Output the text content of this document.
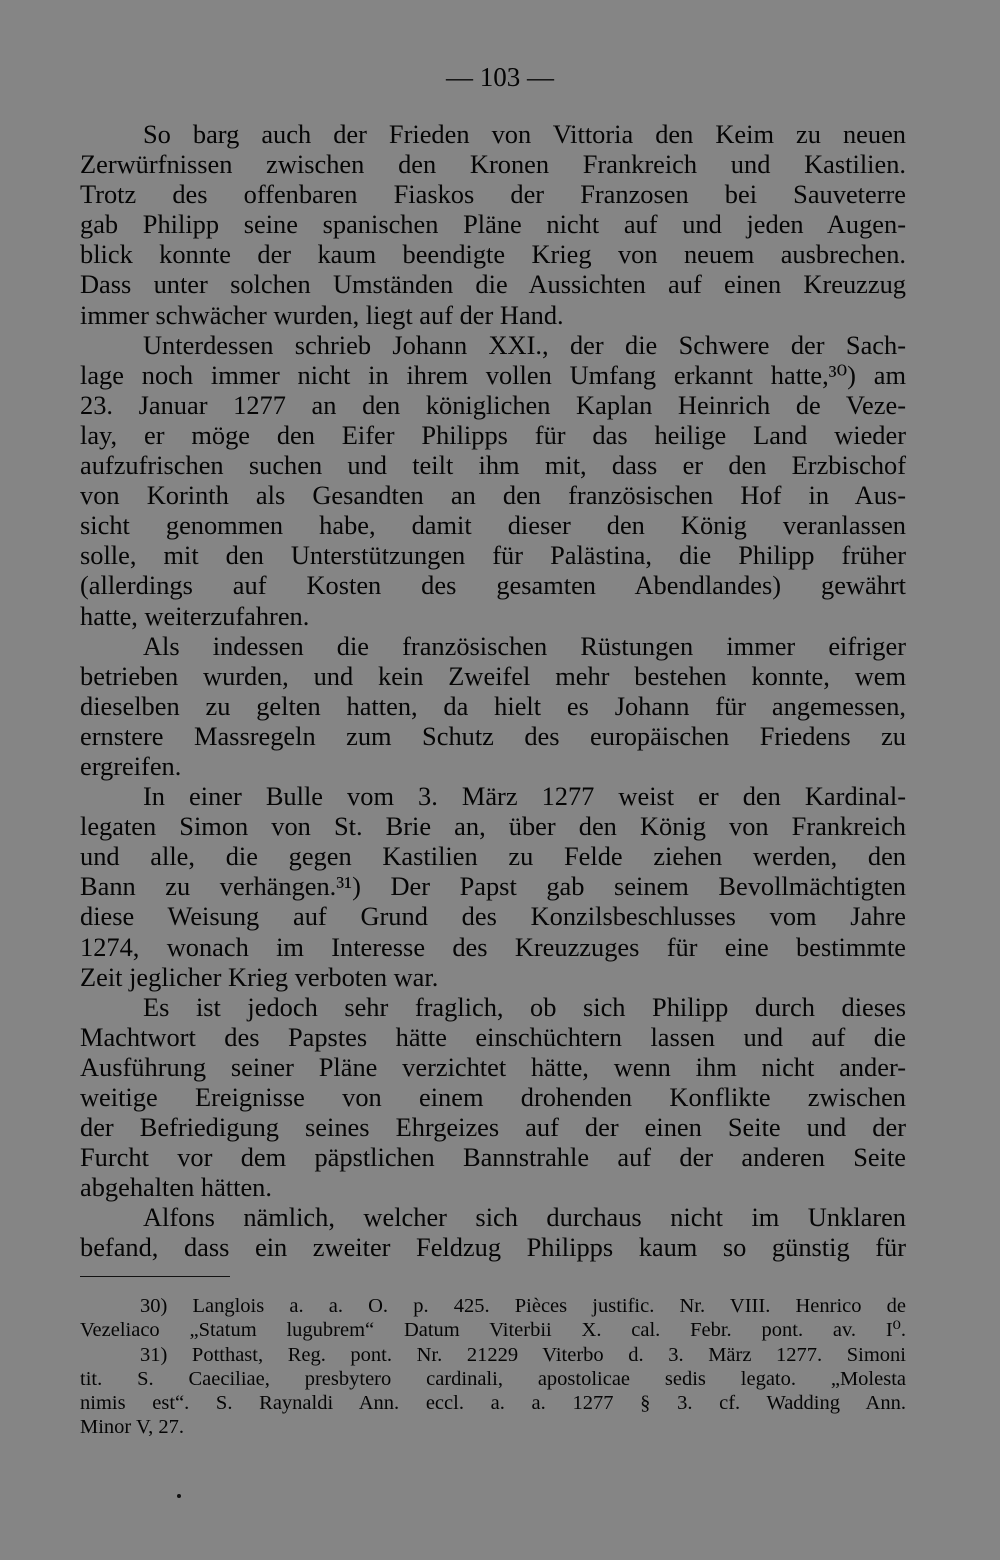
— 103 —
So barg auch der Frieden von Vittoria den Keim zu neuen
Zerwürfnissen zwischen den Kronen Frankreich und Kastilien.
Trotz des offenbaren Fiaskos der Franzosen bei Sauveterre
gab Philipp seine spanischen Pläne nicht auf und jeden Augen-
blick konnte der kaum beendigte Krieg von neuem ausbrechen.
Dass unter solchen Umständen die Aussichten auf einen Kreuzzug
immer schwächer wurden, liegt auf der Hand.
Unterdessen schrieb Johann XXI., der die Schwere der Sach-
lage noch immer nicht in ihrem vollen Umfang erkannt hatte,³⁰) am
23. Januar 1277 an den königlichen Kaplan Heinrich de Veze-
lay, er möge den Eifer Philipps für das heilige Land wieder
aufzufrischen suchen und teilt ihm mit, dass er den Erzbischof
von Korinth als Gesandten an den französischen Hof in Aus-
sicht genommen habe, damit dieser den König veranlassen
solle, mit den Unterstützungen für Palästina, die Philipp früher
(allerdings auf Kosten des gesamten Abendlandes) gewährt
hatte, weiterzufahren.
Als indessen die französischen Rüstungen immer eifriger
betrieben wurden, und kein Zweifel mehr bestehen konnte, wem
dieselben zu gelten hatten, da hielt es Johann für angemessen,
ernstere Massregeln zum Schutz des europäischen Friedens zu
ergreifen.
In einer Bulle vom 3. März 1277 weist er den Kardinal-
legaten Simon von St. Brie an, über den König von Frankreich
und alle, die gegen Kastilien zu Felde ziehen werden, den
Bann zu verhängen.³¹) Der Papst gab seinem Bevollmächtigten
diese Weisung auf Grund des Konzilsbeschlusses vom Jahre
1274, wonach im Interesse des Kreuzzuges für eine bestimmte
Zeit jeglicher Krieg verboten war.
Es ist jedoch sehr fraglich, ob sich Philipp durch dieses
Machtwort des Papstes hätte einschüchtern lassen und auf die
Ausführung seiner Pläne verzichtet hätte, wenn ihm nicht ander-
weitige Ereignisse von einem drohenden Konflikte zwischen
der Befriedigung seines Ehrgeizes auf der einen Seite und der
Furcht vor dem päpstlichen Bannstrahle auf der anderen Seite
abgehalten hätten.
Alfons nämlich, welcher sich durchaus nicht im Unklaren
befand, dass ein zweiter Feldzug Philipps kaum so günstig für
30) Langlois a. a. O. p. 425. Pièces justific. Nr. VIII. Henrico de
Vezeliaco „Statum lugubrem“ Datum Viterbii X. cal. Febr. pont. av. I⁰.
31) Potthast, Reg. pont. Nr. 21229 Viterbo d. 3. März 1277. Simoni
tit. S. Caeciliae, presbytero cardinali, apostolicae sedis legato. „Molesta
nimis est“. S. Raynaldi Ann. eccl. a. a. 1277 § 3. cf. Wadding Ann.
Minor V, 27.
